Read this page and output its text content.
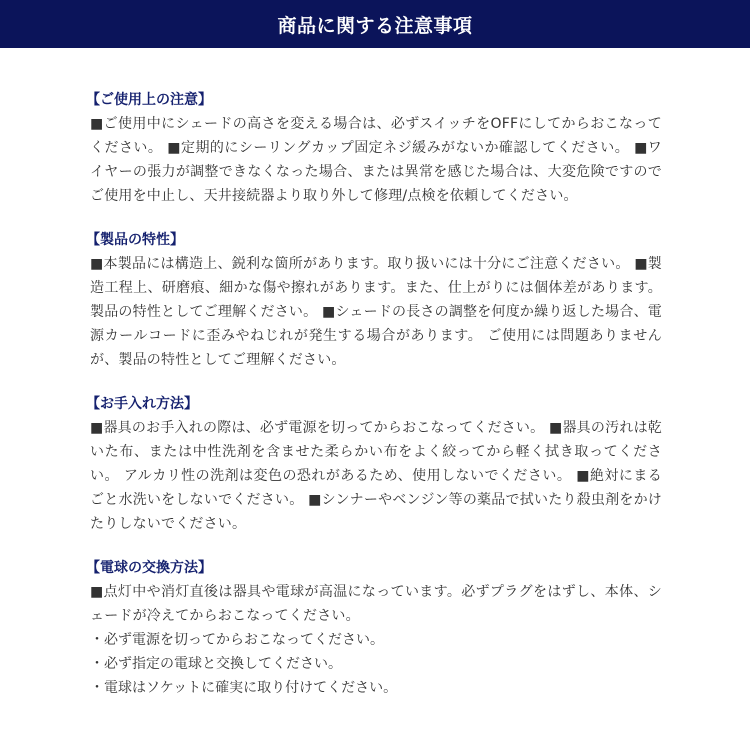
商品に関する注意事項
【ご使用上の注意】

■ご使用中にシェードの高さを変える場合は、必ずスイッチをOFFにしてからおこなってください。 ■定期的にシーリングカップ固定ネジ緩みがないか確認してください。 ■ワイヤーの張力が調整できなくなった場合、または異常を感じた場合は、大変危険ですのでご使用を中止し、天井接続器より取り外して修理/点検を依頼してください。

【製品の特性】

■本製品には構造上、鋭利な箇所があります。取り扱いには十分にご注意ください。 ■製造工程上、研磨痕、細かな傷や擦れがあります。また、仕上がりには個体差があります。製品の特性としてご理解ください。 ■シェードの長さの調整を何度か繰り返した場合、電源カールコードに歪みやねじれが発生する場合があります。 ご使用には問題ありませんが、製品の特性としてご理解ください。

【お手入れ方法】

■器具のお手入れの際は、必ず電源を切ってからおこなってください。 ■器具の汚れは乾いた布、または中性洗剤を含ませた柔らかい布をよく絞ってから軽く拭き取ってください。 アルカリ性の洗剤は変色の恐れがあるため、使用しないでください。 ■絶対にまるごと水洗いをしないでください。 ■シンナーやベンジン等の薬品で拭いたり殺虫剤をかけたりしないでください。

【電球の交換方法】

■点灯中や消灯直後は器具や電球が高温になっています。必ずプラグをはずし、本体、シェードが冷えてからおこなってください。

・必ず電源を切ってからおこなってください。

・必ず指定の電球と交換してください。

・電球はソケットに確実に取り付けてください。
